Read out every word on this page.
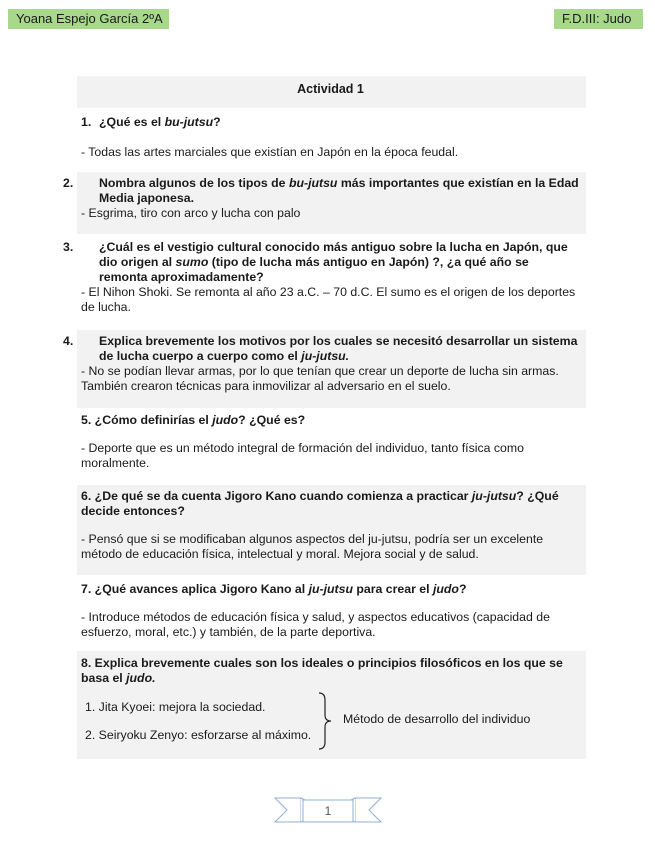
Yoana Espejo García 2ºA	F.D.III: Judo
Actividad 1
1. ¿Qué es el bu-jutsu?
- Todas las artes marciales que existían en Japón en la época feudal.
2. Nombra algunos de los tipos de bu-jutsu más importantes que existían en la Edad Media japonesa.
- Esgrima, tiro con arco y lucha con palo
3. ¿Cuál es el vestigio cultural conocido más antiguo sobre la lucha en Japón, que dio origen al sumo (tipo de lucha más antiguo en Japón) ?, ¿a qué año se remonta aproximadamente?
- El Nihon Shoki. Se remonta al año 23 a.C. – 70 d.C. El sumo es el origen de los deportes de lucha.
4. Explica brevemente los motivos por los cuales se necesitó desarrollar un sistema de lucha cuerpo a cuerpo como el ju-jutsu.
- No se podían llevar armas, por lo que tenían que crear un deporte de lucha sin armas. También crearon técnicas para inmovilizar al adversario en el suelo.
5. ¿Cómo definirías el judo? ¿Qué es?
- Deporte que es un método integral de formación del individuo, tanto física como moralmente.
6. ¿De qué se da cuenta Jigoro Kano cuando comienza a practicar ju-jutsu? ¿Qué decide entonces?
- Pensó que si se modificaban algunos aspectos del ju-jutsu, podría ser un excelente método de educación física, intelectual y moral. Mejora social y de salud.
7. ¿Qué avances aplica Jigoro Kano al ju-jutsu para crear el judo?
- Introduce métodos de educación física y salud, y aspectos educativos (capacidad de esfuerzo, moral, etc.) y también, de la parte deportiva.
8. Explica brevemente cuales son los ideales o principios filosóficos en los que se basa el judo.
1. Jita Kyoei: mejora la sociedad.
2. Seiryoku Zenyo: esforzarse al máximo.
Método de desarrollo del individuo
1
